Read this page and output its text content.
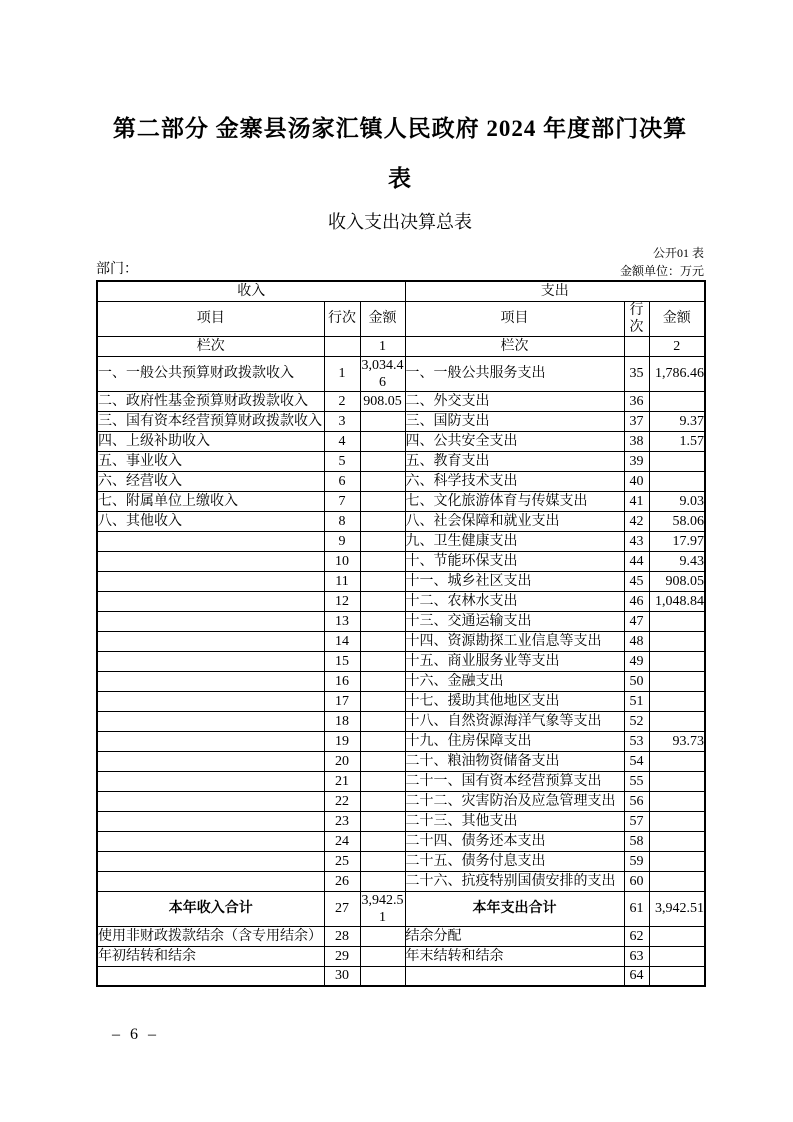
第二部分 金寨县汤家汇镇人民政府 2024 年度部门决算
表
收入支出决算总表
公开01 表
部门：	金额单位：万元
收入			支出		
项目	行次	金额	项目	行次	金额
栏次		1	栏次		2
一、一般公共预算财政拨款收入	1	3,034.46	一、一般公共服务支出	35	1,786.46
二、政府性基金预算财政拨款收入	2	908.05	二、外交支出	36	
三、国有资本经营预算财政拨款收入	3		三、国防支出	37	9.37
四、上级补助收入	4		四、公共安全支出	38	1.57
五、事业收入	5		五、教育支出	39	
六、经营收入	6		六、科学技术支出	40	
七、附属单位上缴收入	7		七、文化旅游体育与传媒支出	41	9.03
八、其他收入	8		八、社会保障和就业支出	42	58.06
	9		九、卫生健康支出	43	17.97
	10		十、节能环保支出	44	9.43
	11		十一、城乡社区支出	45	908.05
	12		十二、农林水支出	46	1,048.84
	13		十三、交通运输支出	47	
	14		十四、资源勘探工业信息等支出	48	
	15		十五、商业服务业等支出	49	
	16		十六、金融支出	50	
	17		十七、援助其他地区支出	51	
	18		十八、自然资源海洋气象等支出	52	
	19		十九、住房保障支出	53	93.73
	20		二十、粮油物资储备支出	54	
	21		二十一、国有资本经营预算支出	55	
	22		二十二、灾害防治及应急管理支出	56	
	23		二十三、其他支出	57	
	24		二十四、债务还本支出	58	
	25		二十五、债务付息支出	59	
	26		二十六、抗疫特别国债安排的支出	60	
本年收入合计	27	3,942.51	本年支出合计	61	3,942.51
使用非财政拨款结余（含专用结余）	28		结余分配	62	
年初结转和结余	29		年末结转和结余	63	
	30			64	
– 6 –
